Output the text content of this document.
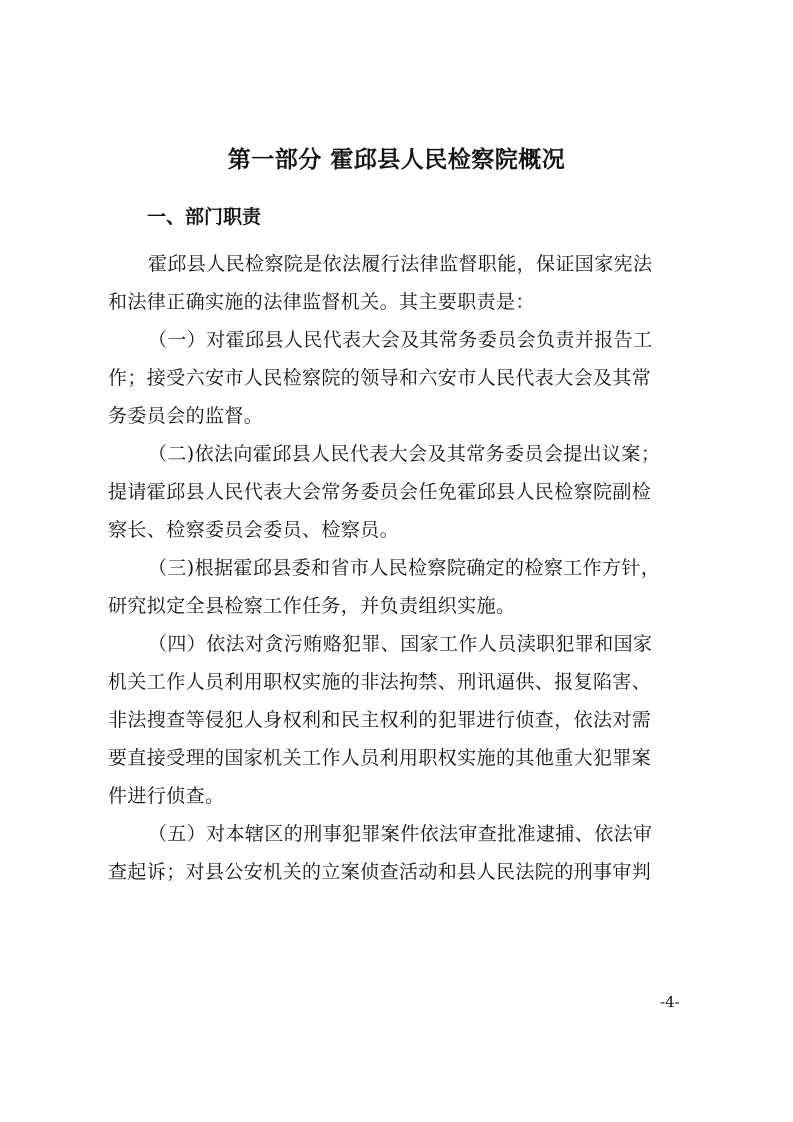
第一部分 霍邱县人民检察院概况
一、部门职责
霍邱县人民检察院是依法履行法律监督职能，保证国家宪法
和法律正确实施的法律监督机关。其主要职责是：
（一）对霍邱县人民代表大会及其常务委员会负责并报告工
作；接受六安市人民检察院的领导和六安市人民代表大会及其常
务委员会的监督。
（二)依法向霍邱县人民代表大会及其常务委员会提出议案；
提请霍邱县人民代表大会常务委员会任免霍邱县人民检察院副检
察长、检察委员会委员、检察员。
（三)根据霍邱县委和省市人民检察院确定的检察工作方针，
研究拟定全县检察工作任务，并负责组织实施。
（四）依法对贪污贿赂犯罪、国家工作人员渎职犯罪和国家
机关工作人员利用职权实施的非法拘禁、刑讯逼供、报复陷害、
非法搜查等侵犯人身权利和民主权利的犯罪进行侦查，依法对需
要直接受理的国家机关工作人员利用职权实施的其他重大犯罪案
件进行侦查。
（五）对本辖区的刑事犯罪案件依法审查批准逮捕、依法审
查起诉；对县公安机关的立案侦查活动和县人民法院的刑事审判
-4-
